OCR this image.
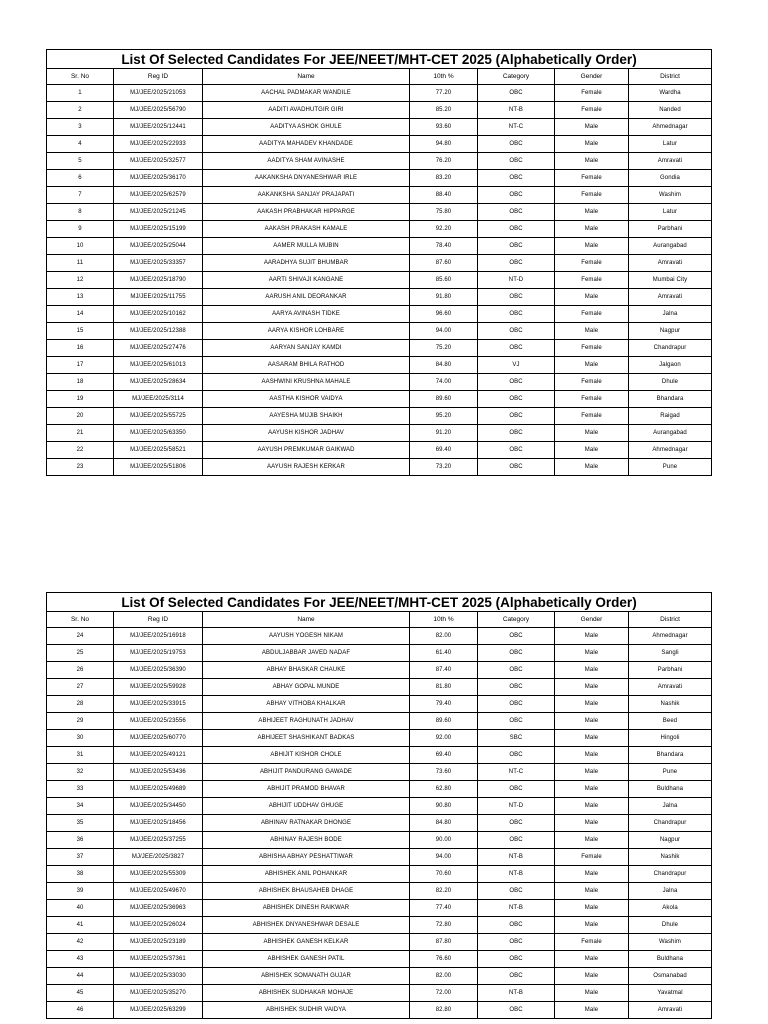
List Of Selected Candidates For JEE/NEET/MHT-CET 2025 (Alphabetically Order)						
Sr. No	Reg ID	Name	10th %	Category	Gender	District
1	MJ/JEE/2025/21053	AACHAL PADMAKAR WANDILE	77.20	OBC	Female	Wardha
2	MJ/JEE/2025/56790	AADITI AVADHUTGIR GIRI	85.20	NT-B	Female	Nanded
3	MJ/JEE/2025/12441	AADITYA ASHOK GHULE	93.60	NT-C	Male	Ahmednagar
4	MJ/JEE/2025/22933	AADITYA MAHADEV KHANDADE	94.80	OBC	Male	Latur
5	MJ/JEE/2025/32577	AADITYA SHAM AVINASHE	76.20	OBC	Male	Amravati
6	MJ/JEE/2025/36170	AAKANKSHA DNYANESHWAR IRLE	83.20	OBC	Female	Gondia
7	MJ/JEE/2025/62579	AAKANKSHA SANJAY PRAJAPATI	88.40	OBC	Female	Washim
8	MJ/JEE/2025/21245	AAKASH PRABHAKAR HIPPARGE	75.80	OBC	Male	Latur
9	MJ/JEE/2025/15199	AAKASH PRAKASH KAMALE	92.20	OBC	Male	Parbhani
10	MJ/JEE/2025/25044	AAMER MULLA MUBIN	78.40	OBC	Male	Aurangabad
11	MJ/JEE/2025/33357	AARADHYA SUJIT BHUMBAR	87.60	OBC	Female	Amravati
12	MJ/JEE/2025/18790	AARTI SHIVAJI KANGANE	85.60	NT-D	Female	Mumbai City
13	MJ/JEE/2025/11755	AARUSH ANIL DEORANKAR	91.80	OBC	Male	Amravati
14	MJ/JEE/2025/10162	AARYA AVINASH TIDKE	96.60	OBC	Female	Jalna
15	MJ/JEE/2025/12388	AARYA KISHOR LOHBARE	94.00	OBC	Male	Nagpur
16	MJ/JEE/2025/27476	AARYAN SANJAY KAMDI	75.20	OBC	Female	Chandrapur
17	MJ/JEE/2025/61013	AASARAM BHILA RATHOD	84.80	VJ	Male	Jalgaon
18	MJ/JEE/2025/28634	AASHWINI KRUSHNA MAHALE	74.00	OBC	Female	Dhule
19	MJ/JEE/2025/3114	AASTHA KISHOR VAIDYA	89.60	OBC	Female	Bhandara
20	MJ/JEE/2025/55725	AAYESHA MUJIB SHAIKH	95.20	OBC	Female	Raigad
21	MJ/JEE/2025/63350	AAYUSH KISHOR JADHAV	91.20	OBC	Male	Aurangabad
22	MJ/JEE/2025/58521	AAYUSH PREMKUMAR GAIKWAD	69.40	OBC	Male	Ahmednagar
23	MJ/JEE/2025/51806	AAYUSH RAJESH KERKAR	73.20	OBC	Male	Pune
List Of Selected Candidates For JEE/NEET/MHT-CET 2025 (Alphabetically Order)						
Sr. No	Reg ID	Name	10th %	Category	Gender	District
24	MJ/JEE/2025/16918	AAYUSH YOGESH NIKAM	82.00	OBC	Male	Ahmednagar
25	MJ/JEE/2025/19753	ABDULJABBAR JAVED NADAF	61.40	OBC	Male	Sangli
26	MJ/JEE/2025/36390	ABHAY BHASKAR CHAUKE	87.40	OBC	Male	Parbhani
27	MJ/JEE/2025/59928	ABHAY GOPAL MUNDE	81.80	OBC	Male	Amravati
28	MJ/JEE/2025/33915	ABHAY VITHOBA KHALKAR	79.40	OBC	Male	Nashik
29	MJ/JEE/2025/23556	ABHIJEET RAGHUNATH JADHAV	89.60	OBC	Male	Beed
30	MJ/JEE/2025/60770	ABHIJEET SHASHIKANT BADKAS	92.00	SBC	Male	Hingoli
31	MJ/JEE/2025/49121	ABHIJIT KISHOR CHOLE	69.40	OBC	Male	Bhandara
32	MJ/JEE/2025/53436	ABHIJIT PANDURANG GAWADE	73.60	NT-C	Male	Pune
33	MJ/JEE/2025/49689	ABHIJIT PRAMOD BHAVAR	62.80	OBC	Male	Buldhana
34	MJ/JEE/2025/34450	ABHIJIT UDDHAV GHUGE	90.80	NT-D	Male	Jalna
35	MJ/JEE/2025/18456	ABHINAV RATNAKAR DHONGE	84.80	OBC	Male	Chandrapur
36	MJ/JEE/2025/37255	ABHINAY RAJESH BODE	90.00	OBC	Male	Nagpur
37	MJ/JEE/2025/3827	ABHISHA ABHAY PESHATTIWAR	94.00	NT-B	Female	Nashik
38	MJ/JEE/2025/55309	ABHISHEK ANIL POHANKAR	70.60	NT-B	Male	Chandrapur
39	MJ/JEE/2025/49670	ABHISHEK BHAUSAHEB DHAGE	82.20	OBC	Male	Jalna
40	MJ/JEE/2025/36963	ABHISHEK DINESH RAIKWAR	77.40	NT-B	Male	Akola
41	MJ/JEE/2025/26024	ABHISHEK DNYANESHWAR DESALE	72.80	OBC	Male	Dhule
42	MJ/JEE/2025/23189	ABHISHEK GANESH KELKAR	87.80	OBC	Female	Washim
43	MJ/JEE/2025/37361	ABHISHEK GANESH PATIL	76.60	OBC	Male	Buldhana
44	MJ/JEE/2025/33030	ABHISHEK SOMANATH GUJAR	82.00	OBC	Male	Osmanabad
45	MJ/JEE/2025/35270	ABHISHEK SUDHAKAR MOHAJE	72.00	NT-B	Male	Yavatmal
46	MJ/JEE/2025/63299	ABHISHEK SUDHIR VAIDYA	82.80	OBC	Male	Amravati
